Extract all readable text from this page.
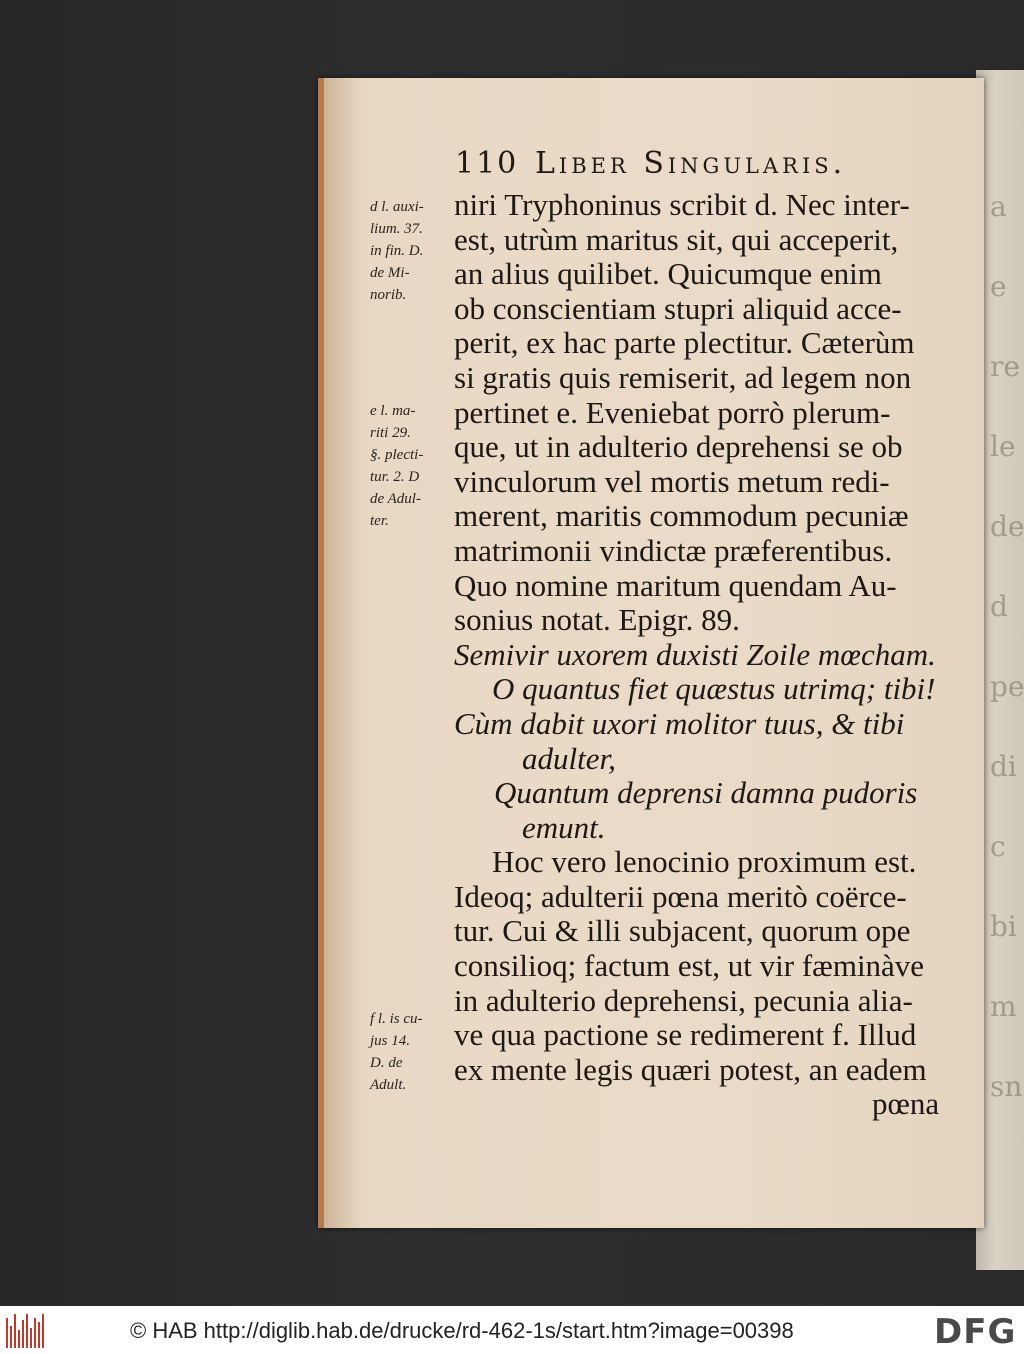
a
e
re
le
de
d
pe
di
c
bi
m
sn
110 Liber Singularis.
d l. auxi-
lium. 37.
in fin. D.
de Mi-
norib.
e l. ma-
riti 29.
§. plecti-
tur. 2. D
de Adul-
ter.
f l. is cu-
jus 14.
D. de
Adult.
niri Tryphoninus scribit d. Nec inter-
est, utrùm maritus sit, qui acceperit,
an alius quilibet. Quicumque enim
ob conscientiam stupri aliquid acce-
perit, ex hac parte plectitur. Cæterùm
si gratis quis remiserit, ad legem non
pertinet e. Eveniebat porrò plerum-
que, ut in adulterio deprehensi se ob
vinculorum vel mortis metum redi-
merent, maritis commodum pecuniæ
matrimonii vindictæ præferentibus.
Quo nomine maritum quendam Au-
sonius notat. Epigr. 89.
Semivir uxorem duxisti Zoile mœcham.
O quantus fiet quæstus utrimq; tibi!
Cùm dabit uxori molitor tuus, & tibi
adulter,
Quantum deprensi damna pudoris
emunt.
Hoc vero lenocinio proximum est.
Ideoq; adulterii pœna meritò coërce-
tur. Cui & illi subjacent, quorum ope
consilioq; factum est, ut vir fæminàve
in adulterio deprehensi, pecunia alia-
ve qua pactione se redimerent f. Illud
ex mente legis quæri potest, an eadem
pœna
© HAB http://diglib.hab.de/drucke/rd-462-1s/start.htm?image=00398	DFG
